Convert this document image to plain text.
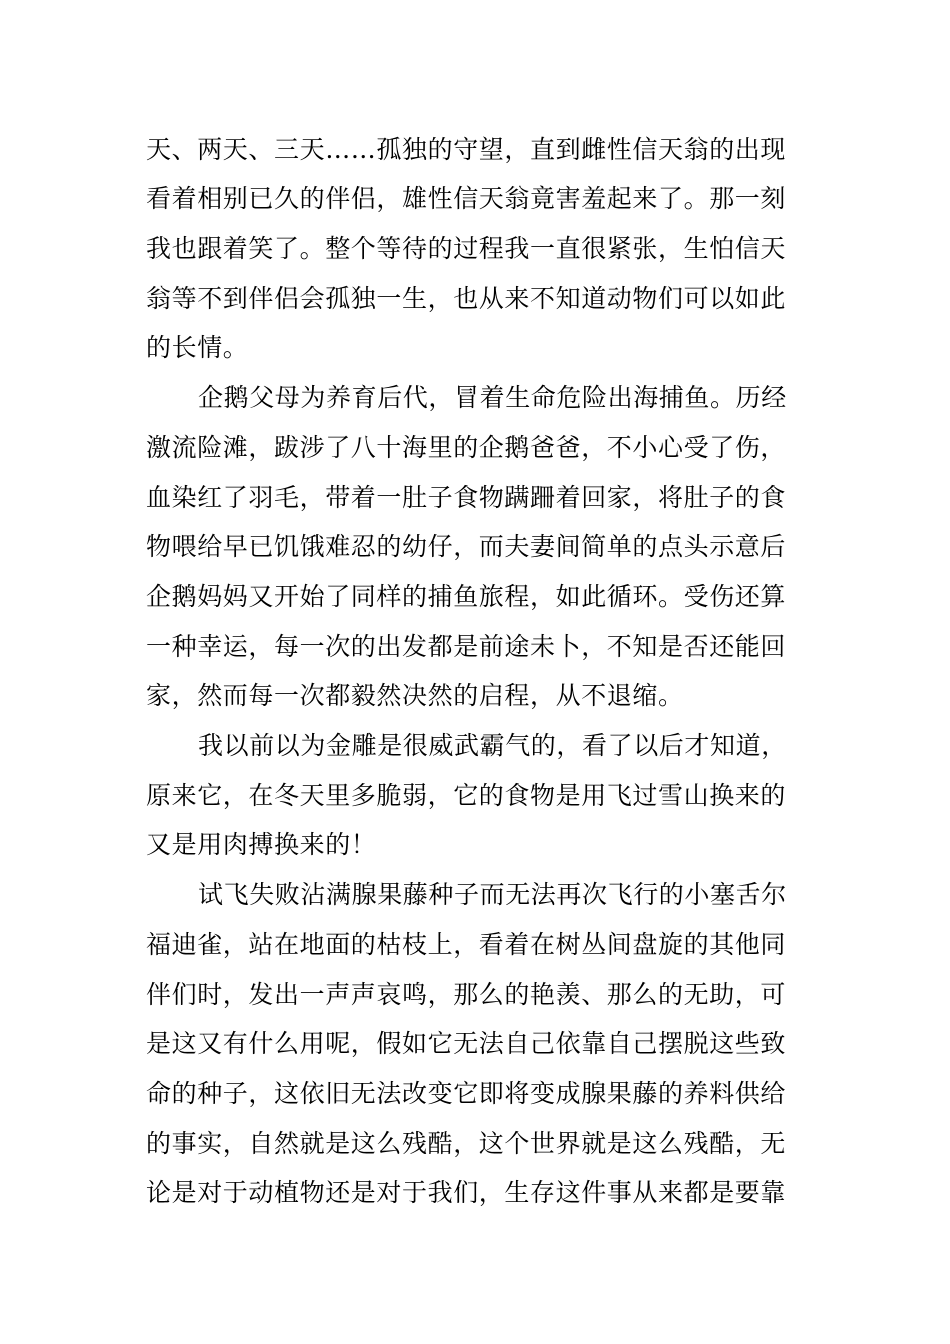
天、两天、三天……孤独的守望，直到雌性信天翁的出现
看着相别已久的伴侣，雄性信天翁竟害羞起来了。那一刻
我也跟着笑了。整个等待的过程我一直很紧张，生怕信天
翁等不到伴侣会孤独一生，也从来不知道动物们可以如此
的长情。
企鹅父母为养育后代，冒着生命危险出海捕鱼。历经
激流险滩，跋涉了八十海里的企鹅爸爸，不小心受了伤，
血染红了羽毛，带着一肚子食物蹒跚着回家，将肚子的食
物喂给早已饥饿难忍的幼仔，而夫妻间简单的点头示意后
企鹅妈妈又开始了同样的捕鱼旅程，如此循环。受伤还算
一种幸运，每一次的出发都是前途未卜，不知是否还能回
家，然而每一次都毅然决然的启程，从不退缩。
我以前以为金雕是很威武霸气的，看了以后才知道，
原来它，在冬天里多脆弱，它的食物是用飞过雪山换来的
又是用肉搏换来的！
试飞失败沾满腺果藤种子而无法再次飞行的小塞舌尔
福迪雀，站在地面的枯枝上，看着在树丛间盘旋的其他同
伴们时，发出一声声哀鸣，那么的艳羡、那么的无助，可
是这又有什么用呢，假如它无法自己依靠自己摆脱这些致
命的种子，这依旧无法改变它即将变成腺果藤的养料供给
的事实，自然就是这么残酷，这个世界就是这么残酷，无
论是对于动植物还是对于我们，生存这件事从来都是要靠
